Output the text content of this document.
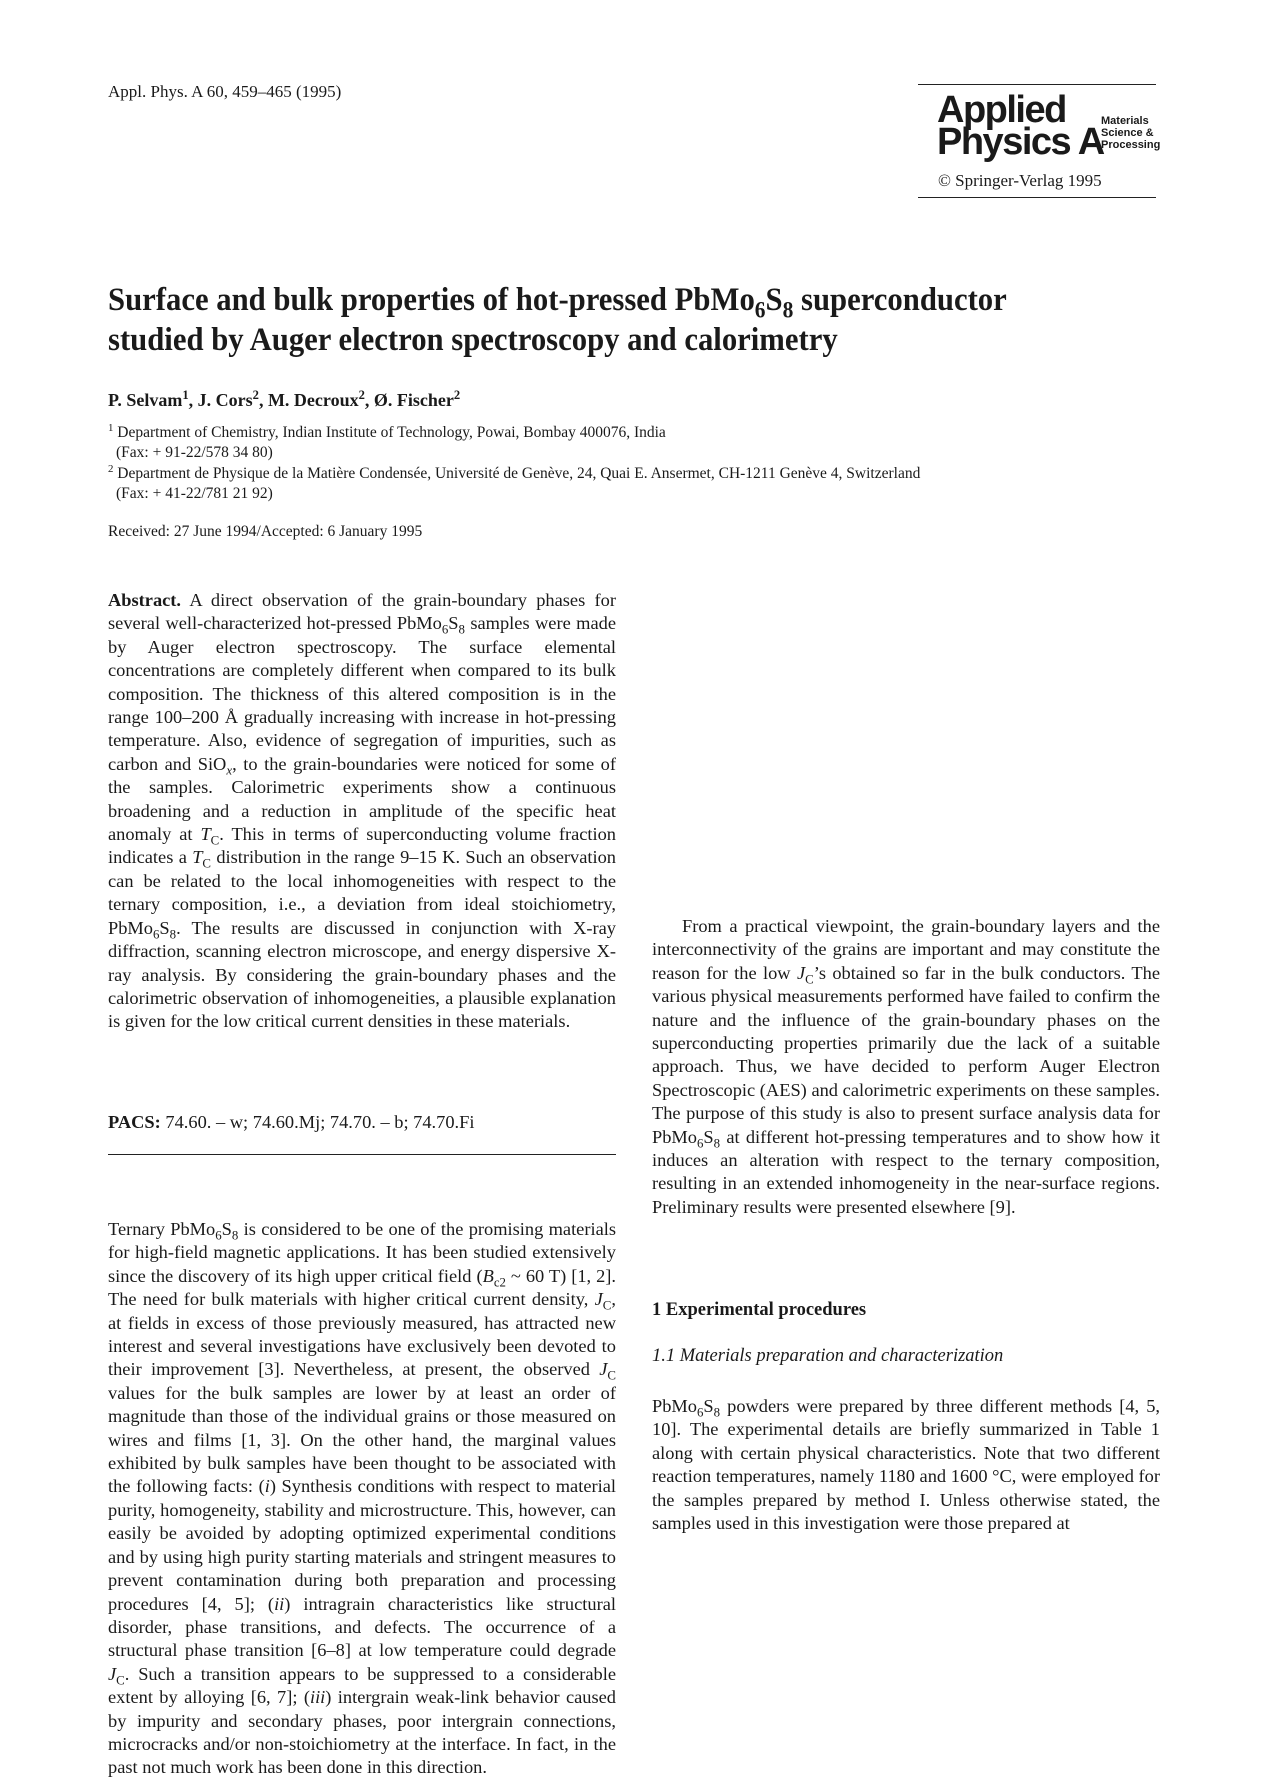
Appl. Phys. A 60, 459–465 (1995)	Applied
Physics A
Materials
Science &
Processing
© Springer-Verlag 1995
Surface and bulk properties of hot-pressed $PbMo_6S_8$ superconductor
studied by Auger electron spectroscopy and calorimetry
P. Selvam$^1$, J. Cors$^2$, M. Decroux$^2$, Ø. Fischer$^2$
$^1$ Department of Chemistry, Indian Institute of Technology, Powai, Bombay 400076, India
(Fax: + 91-22/578 34 80)
$^2$ Department de Physique de la Matière Condensée, Université de Genève, 24, Quai E. Ansermet, CH-1211 Genève 4, Switzerland
(Fax: + 41-22/781 21 92)
Received: 27 June 1994/Accepted: 6 January 1995

Abstract. A direct observation of the grain-boundary phases for several well-characterized hot-pressed $PbMo_6S_8$ samples were made by Auger electron spectroscopy. The surface elemental concentrations are completely different when compared to its bulk composition. The thickness of this altered composition is in the range 100–200 Å gradually increasing with increase in hot-pressing temperature. Also, evidence of segregation of impurities, such as carbon and SiO$_x$, to the grain-boundaries were noticed for some of the samples. Calorimetric experiments show a continuous broadening and a reduction in amplitude of the specific heat anomaly at $T_C$. This in terms of superconducting volume fraction indicates a $T_C$ distribution in the range 9–15 K. Such an observation can be related to the local inhomogeneities with respect to the ternary composition, i.e., a deviation from ideal stoichiometry, $PbMo_6S_8$. The results are discussed in conjunction with X-ray diffraction, scanning electron microscope, and energy dispersive X-ray analysis. By considering the grain-boundary phases and the calorimetric observation of inhomogeneities, a plausible explanation is given for the low critical current densities in these materials.

PACS: 74.60. – w; 74.60.Mj; 74.70. – b; 74.70.Fi

Ternary $PbMo_6S_8$ is considered to be one of the promising materials for high-field magnetic applications. It has been studied extensively since the discovery of its high upper critical field ($B_{c2}$ ~ 60 T) [1, 2]. The need for bulk materials with higher critical current density, $J_C$, at fields in excess of those previously measured, has attracted new interest and several investigations have exclusively been devoted to their improvement [3]. Nevertheless, at present, the observed $J_C$ values for the bulk samples are lower by at least an order of magnitude than those of the individual grains or those measured on wires and films [1, 3]. On the other hand, the marginal values exhibited by bulk samples have been thought to be associated with the following facts: (i) Synthesis conditions with respect to material purity, homogeneity, stability and microstructure. This, however, can easily be avoided by adopting optimized experimental conditions and by using high purity starting materials and stringent measures to prevent contamination during both preparation and processing procedures [4, 5]; (ii) intragrain characteristics like structural disorder, phase transitions, and defects. The occurrence of a structural phase transition [6–8] at low temperature could degrade $J_C$. Such a transition appears to be suppressed to a considerable extent by alloying [6, 7]; (iii) intergrain weak-link behavior caused by impurity and secondary phases, poor intergrain connections, microcracks and/or non-stoichiometry at the interface. In fact, in the past not much work has been done in this direction.

From a practical viewpoint, the grain-boundary layers and the interconnectivity of the grains are important and may constitute the reason for the low $J_C’s$ obtained so far in the bulk conductors. The various physical measurements performed have failed to confirm the nature and the influence of the grain-boundary phases on the superconducting properties primarily due the lack of a suitable approach. Thus, we have decided to perform Auger Electron Spectroscopic (AES) and calorimetric experiments on these samples. The purpose of this study is also to present surface analysis data for $PbMo_6S_8$ at different hot-pressing temperatures and to show how it induces an alteration with respect to the ternary composition, resulting in an extended inhomogeneity in the near-surface regions. Preliminary results were presented elsewhere [9].

1 Experimental procedures
1.1 Materials preparation and characterization

$PbMo_6S_8$ powders were prepared by three different methods [4, 5, 10]. The experimental details are briefly summarized in Table 1 along with certain physical characteristics. Note that two different reaction temperatures, namely 1180 and 1600 °C, were employed for the samples prepared by method I. Unless otherwise stated, the samples used in this investigation were those prepared at
